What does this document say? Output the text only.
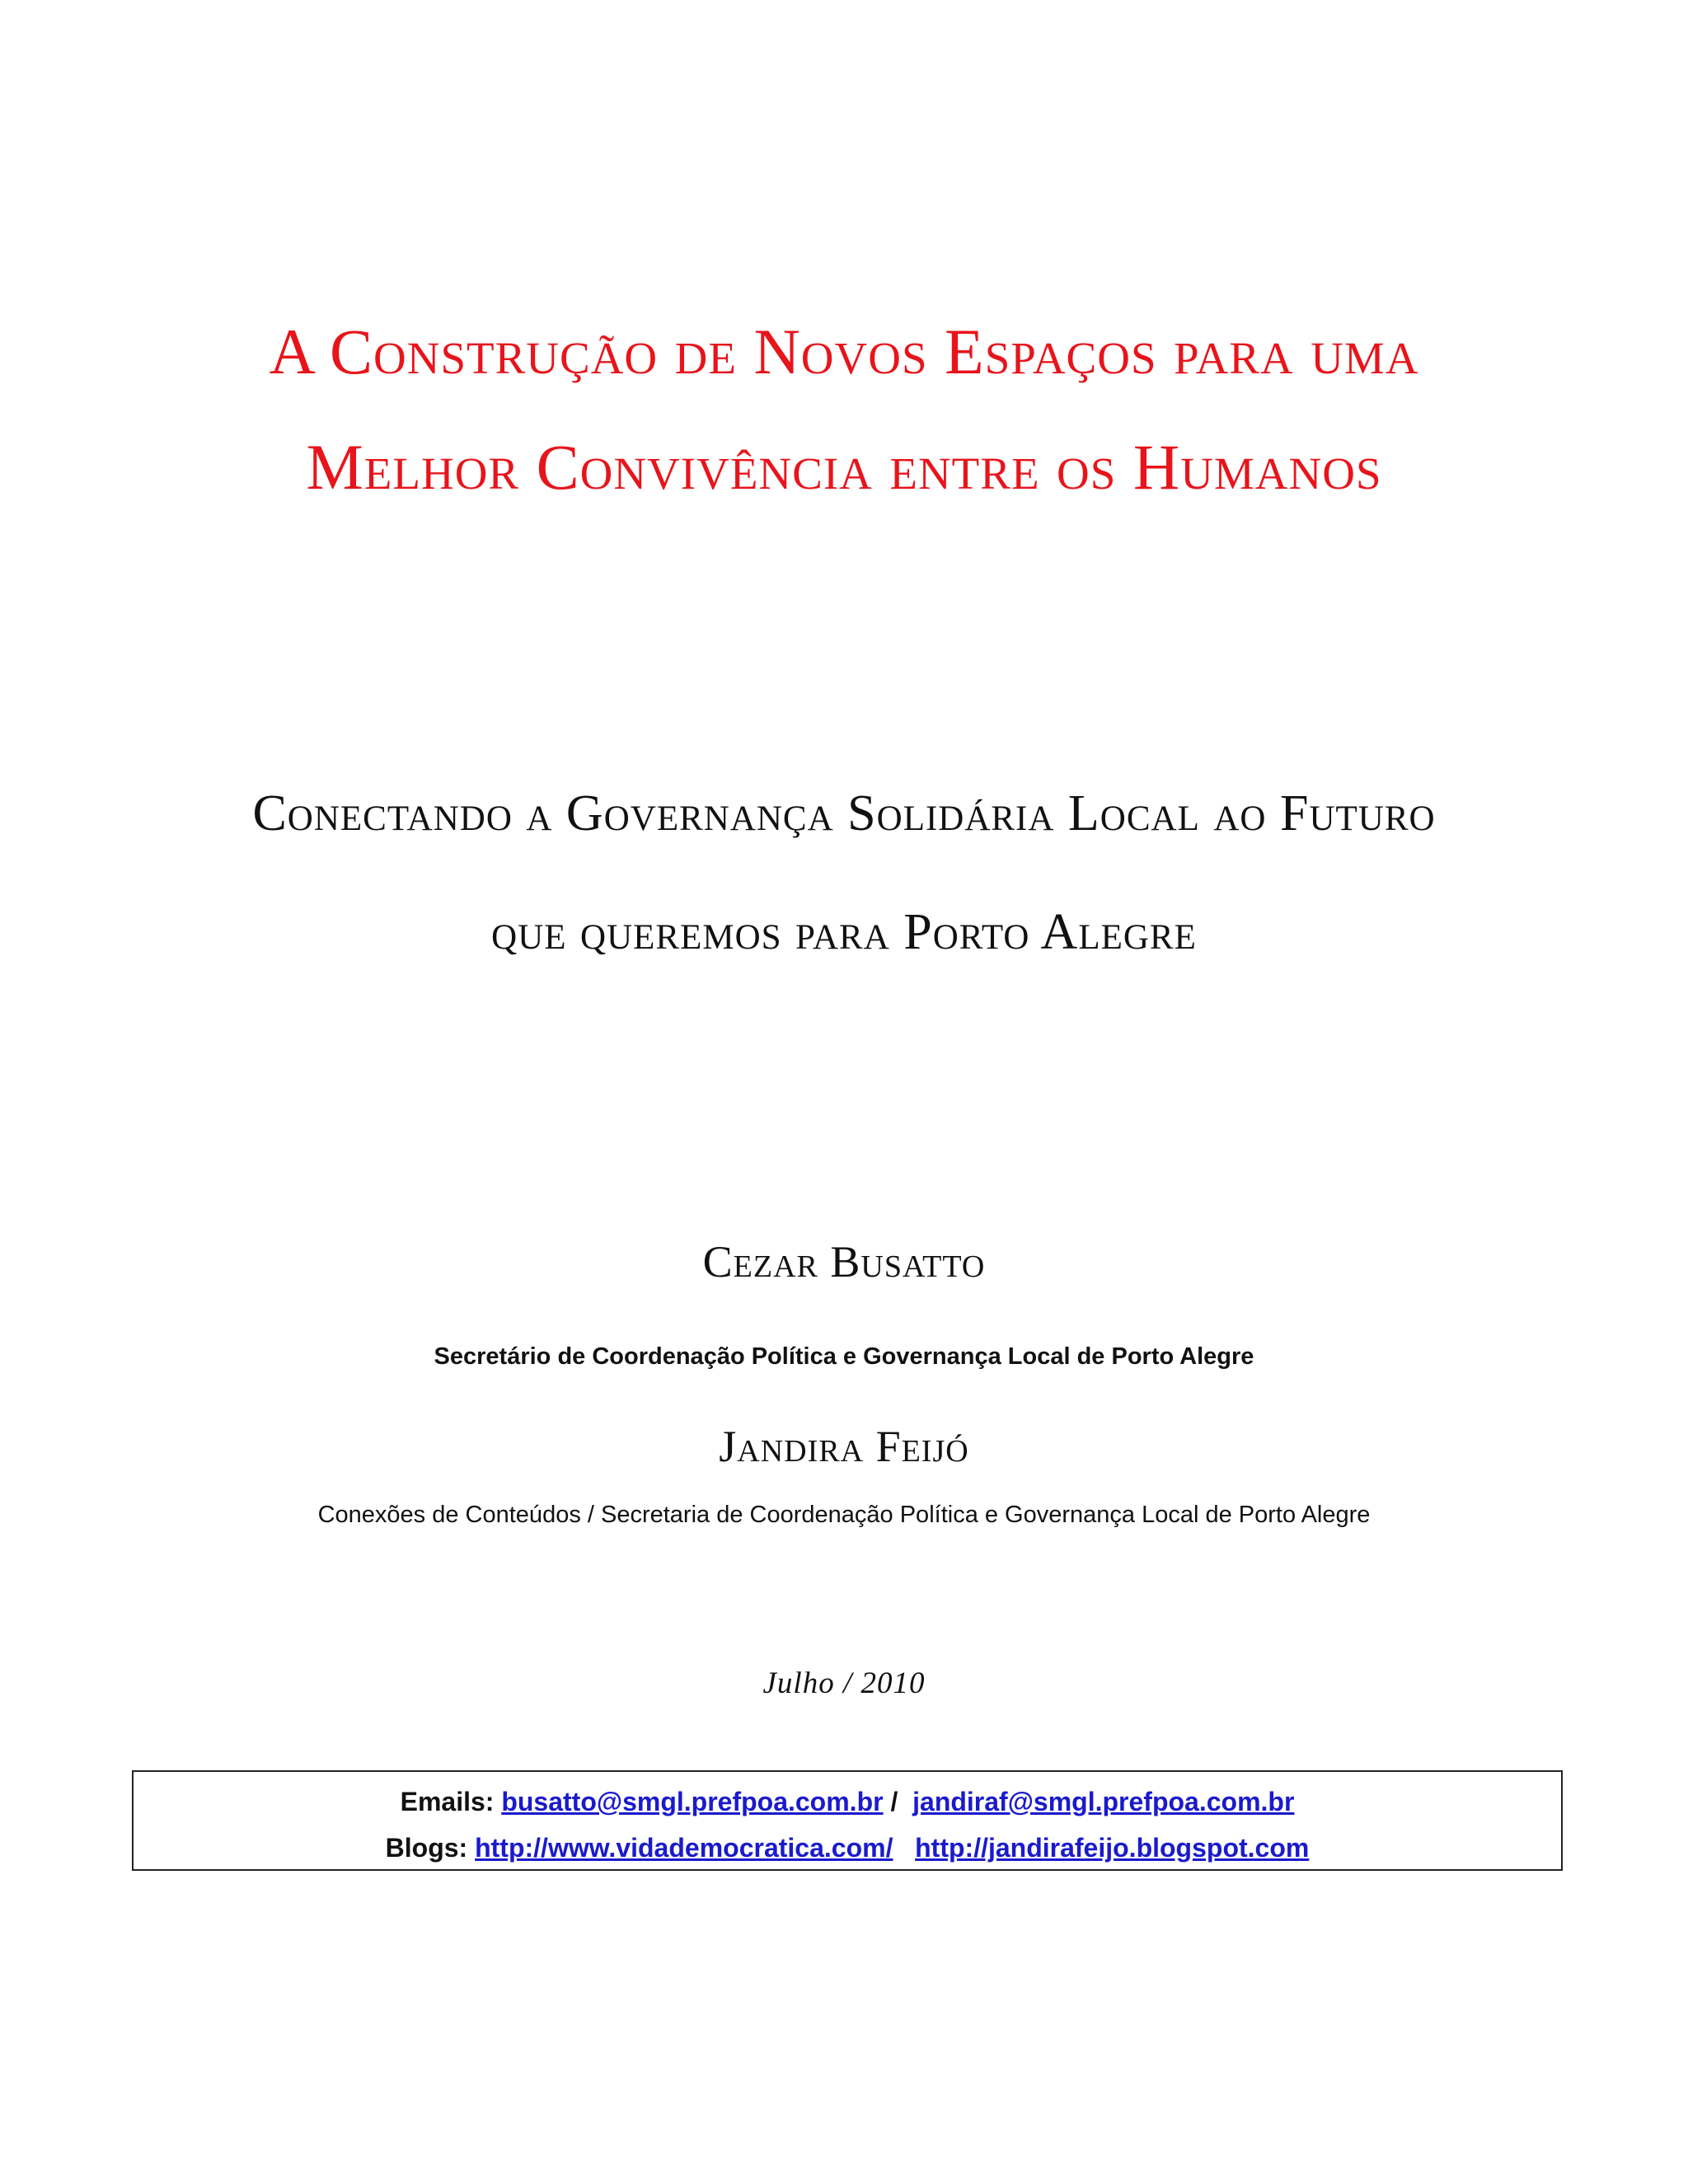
A Construção de Novos Espaços para uma
Melhor Convivência entre os Humanos
Conectando a Governança Solidária Local ao Futuro
que queremos para Porto Alegre
Cezar Busatto
Secretário de Coordenação Política e Governança Local de Porto Alegre
Jandira Feijó
Conexões de Conteúdos / Secretaria de Coordenação Política e Governança Local de Porto Alegre
Julho / 2010
Emails: busatto@smgl.prefpoa.com.br / jandiraf@smgl.prefpoa.com.br
Blogs: http://www.vidademocratica.com/ http://jandirafeijo.blogspot.com
